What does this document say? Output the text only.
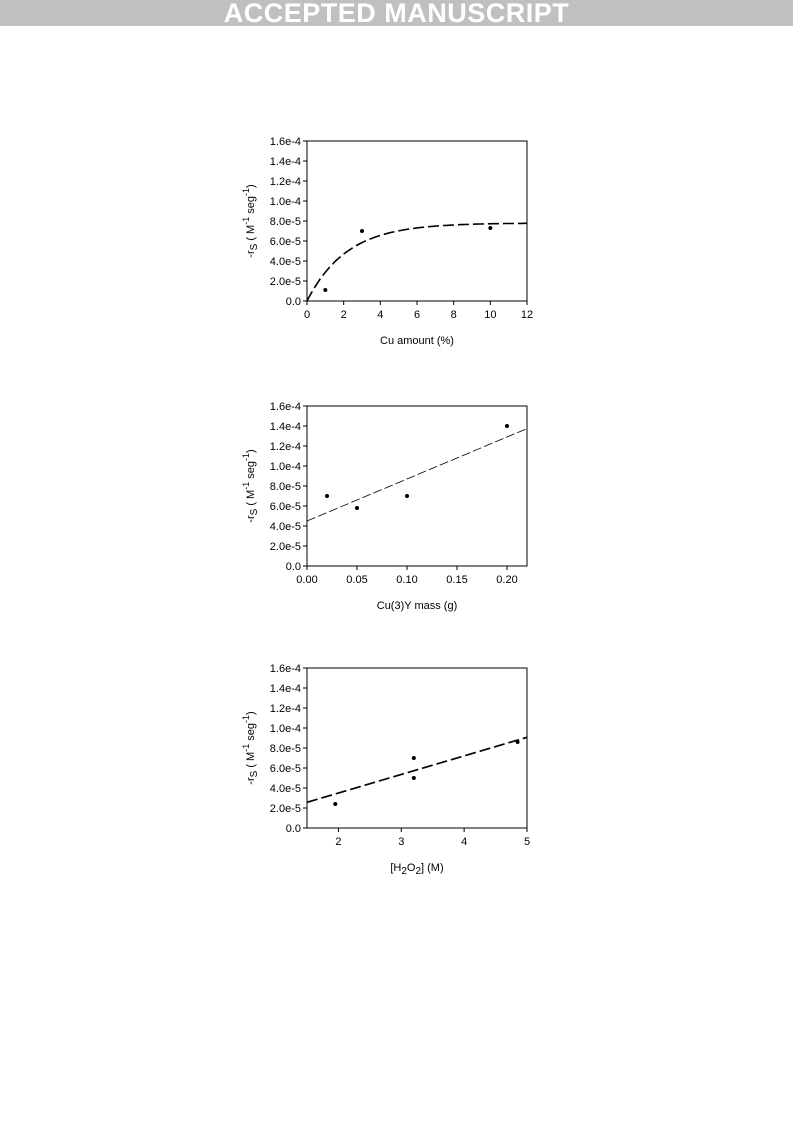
ACCEPTED MANUSCRIPT
0.0
2.0e-5
4.0e-5
6.0e-5
8.0e-5
1.0e-4
1.2e-4
1.4e-4
1.6e-4
0	2	4	6	8 10 12
Cu amount (%)
-rS ( M-1 seg-1)
0.0
2.0e-5
4.0e-5
6.0e-5
8.0e-5
1.0e-4
1.2e-4
1.4e-4
1.6e-4
0.00	0.05	0.10	0.15	0.20
Cu(3)Y mass (g)
-rS ( M-1 seg-1)
0.0
2.0e-5
4.0e-5
6.0e-5
8.0e-5
1.0e-4
1.2e-4
1.4e-4
1.6e-4
2	3	4	5
[H2O2] (M)
-rS ( M-1 seg-1)
